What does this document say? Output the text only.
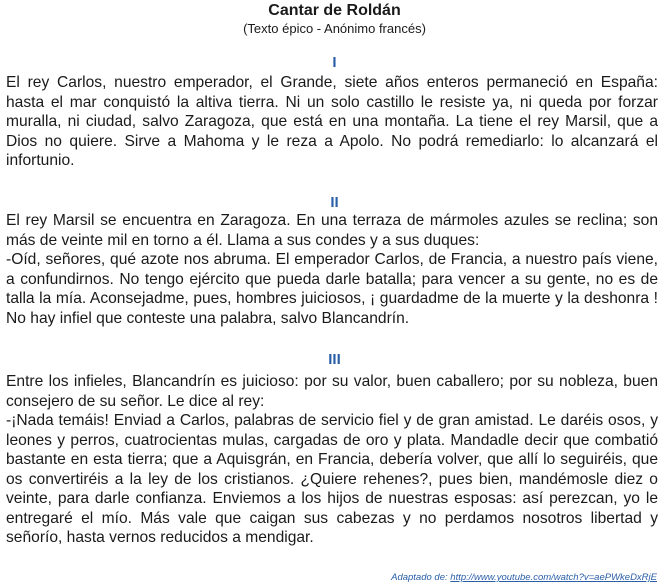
Cantar de Roldán
(Texto épico - Anónimo francés)
I

El rey Carlos, nuestro emperador, el Grande, siete años enteros permaneció en España: hasta el mar conquistó la altiva tierra. Ni un solo castillo le resiste ya, ni queda por forzar muralla, ni ciudad, salvo Zaragoza, que está en una montaña. La tiene el rey Marsil, que a Dios no quiere. Sirve a Mahoma y le reza a Apolo. No podrá remediarlo: lo alcanzará el infortunio.

II

El rey Marsil se encuentra en Zaragoza. En una terraza de mármoles azules se reclina; son más de veinte mil en torno a él. Llama a sus condes y a sus duques:

-Oíd, señores, qué azote nos abruma. El emperador Carlos, de Francia, a nuestro país viene, a confundirnos. No tengo ejército que pueda darle batalla; para vencer a su gente, no es de talla la mía. Aconsejadme, pues, hombres juiciosos, ¡ guardadme de la muerte y la deshonra ! No hay infiel que conteste una palabra, salvo Blancandrín.

III

Entre los infieles, Blancandrín es juicioso: por su valor, buen caballero; por su nobleza, buen consejero de su señor. Le dice al rey:

-¡Nada temáis! Enviad a Carlos, palabras de servicio fiel y de gran amistad. Le daréis osos, y leones y perros, cuatrocientas mulas, cargadas de oro y plata. Mandadle decir que combatió bastante en esta tierra; que a Aquisgrán, en Francia, debería volver, que allí lo seguiréis, que os convertiréis a la ley de los cristianos. ¿Quiere rehenes?, pues bien, mandémosle diez o veinte, para darle confianza. Enviemos a los hijos de nuestras esposas: así perezcan, yo le entregaré el mío. Más vale que caigan sus cabezas y no perdamos nosotros libertad y señorío, hasta vernos reducidos a mendigar.

Adaptado de: http://www.youtube.com/watch?v=aePWkeDxRjE
